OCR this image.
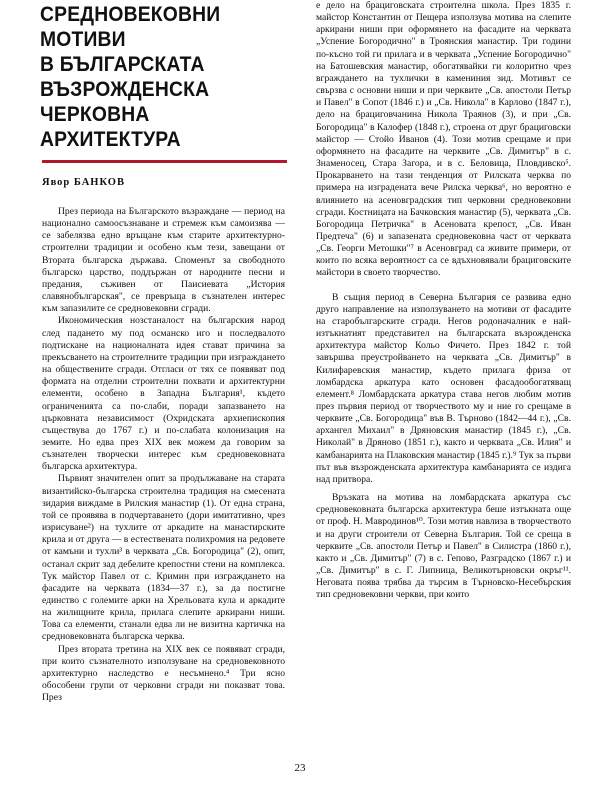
СРЕДНОВЕКОВНИ МОТИВИ
В БЪЛГАРСКАТА
ВЪЗРОЖДЕНСКА
ЧЕРКОВНА АРХИТЕКТУРА
Явор БАНКОВ

През периода на Българското възраждане — период на национално самоосъзнаване и стремеж към самоизява — се забелязва едно връщане към старите архитектурно-строителни традиции и особено към тези, завещани от Втората българска държава. Споменът за свободното българско царство, поддържан от народните песни и предания, съживен от Паисиевата „История славянобългарская", се превръща в съзнателен интерес към запазилите се средновековни сгради.

Икономическия нозстаналост на българския народ след падането му под османско иго и последвалото подтискане на националната идея стават причина за прекъсването на строителните традиции при изграждането на обществените сгради. Отгласи от тях се появяват под формата на отделни строителни похвати и архитектурни елементи, особено в Западна България¹, където ограниченията са по-слаби, поради запазването на църковната независимост (Охридската архиепископия съществува до 1767 г.) и по-слабата колонизация на земите. Но едва през XIX век можем да говорим за съзнателен творчески интерес към средновековната българска архитектура.

Първият значителен опит за продължаване на старата византийско-българска строителна традиция на смесената зидария виждаме в Рилския манастир (1). От една страна, той се проявява в подчертаването (дори имитативно, чрез изрисуване²) на тухлите от аркадите на манастирските крила и от друга — в естествената полихромия на редовете от камъни и тухли³ в черквата „Св. Богородица" (2), опит, останал скрит зад дебелите крепостни стени на комплекса. Тук майстор Павел от с. Кримин при изграждането на фасадите на черквата (1834—37 г.), за да постигне единство с големите арки на Хрельовата кула и аркадите на жилищните крила, прилага слепите аркирани ниши. Това са елементи, станали едва ли не визитна картичка на средновековната българска черква.

През втората третина на XIX век се появяват сгради, при които съзнателното използуване на средновековното архитектурно наследство е несъмнено.⁴ Три ясно обособени групи от черковни сгради ни показват това. През

е дело на брациговската строителна школа. През 1835 г. майстор Константин от Пещера използува мотива на слепите аркирани ниши при оформянето на фасадите на черквата „Успение Богородично" в Троянския манастир. Три години по-късно той ги прилага и в черквата „Успение Богородично" на Батошевския манастир, обогатявайки ги колоритно чрез вграждането на тухлички в камениния зид. Мотивът се свързва с основни ниши и при черквите „Св. апостоли Петър и Павел" в Сопот (1846 г.) и „Св. Никола" в Карлово (1847 г.), дело на брациговчанина Никола Траянов (3), и при „Св. Богородица" в Калофер (1848 г.), строена от друг брациговски майстор — Стойо Иванов (4). Този мотив срещаме и при оформянето на фасадите на черквите „Св. Димитър" в с. Знаменосец, Стара Загора, и в с. Беловица, Пловдивско⁵. Прокарването на тази тенденция от Рилската черква по примера на изградената вече Рилска черква⁶, но вероятно е влиянието на асеновградския тип черковни средновековни сгради. Костницата на Бачковския манастир (5), черквата „Св. Богородица Петричка" в Асеновата крепост, „Св. Иван Предтеча" (6) и запазената средновековна част от черквата „Св. Георги Метошки"⁷ в Асеновград са живите примери, от които по всяка вероятност са се вдъхновявали брациговските майстори в своето творчество.

В същия период в Северна България се развива едно друго направление на използуването на мотиви от фасадите на старобългарските сгради. Негов родоначалник е най-изтъкнатият представител на българската възрожденска архитектура майстор Кольо Фичето. През 1842 г. той завършва преустройването на черквата „Св. Димитър" в Килифаревския манастир, където прилага фриза от ломбардска аркатура като основен фасадообогатяващ елемент.⁸ Ломбардската аркатура става негов любим мотив през първия период от творчеството му и ние го срещаме в черквите „Св. Богородица" във В. Търново (1842—44 г.), „Св. архангел Михаил" в Дряновския манастир (1845 г.), „Св. Николай" в Дряново (1851 г.), както и черквата „Св. Илия" и камбанарията на Плаковския манастир (1845 г.).⁹ Тук за първи път във възрожденската архитектура камбанарията се издига над притвора.

Връзката на мотива на ломбардската аркатура със средновековната българска архитектура беше изтъкната още от проф. Н. Мавродинов¹⁰. Този мотив навлиза в творчеството и на други строители от Северна България. Той се среща в черквите „Св. апостоли Петър и Павел" в Силистра (1860 г.), както и „Св. Димитър" (7) в с. Гепово, Разградско (1867 г.) и „Св. Димитър" в с. Г. Липница, Великотърновски окръг¹¹. Неговата поява трябва да търсим в Търновско-Несебърския тип средновековни черкви, при които

23
